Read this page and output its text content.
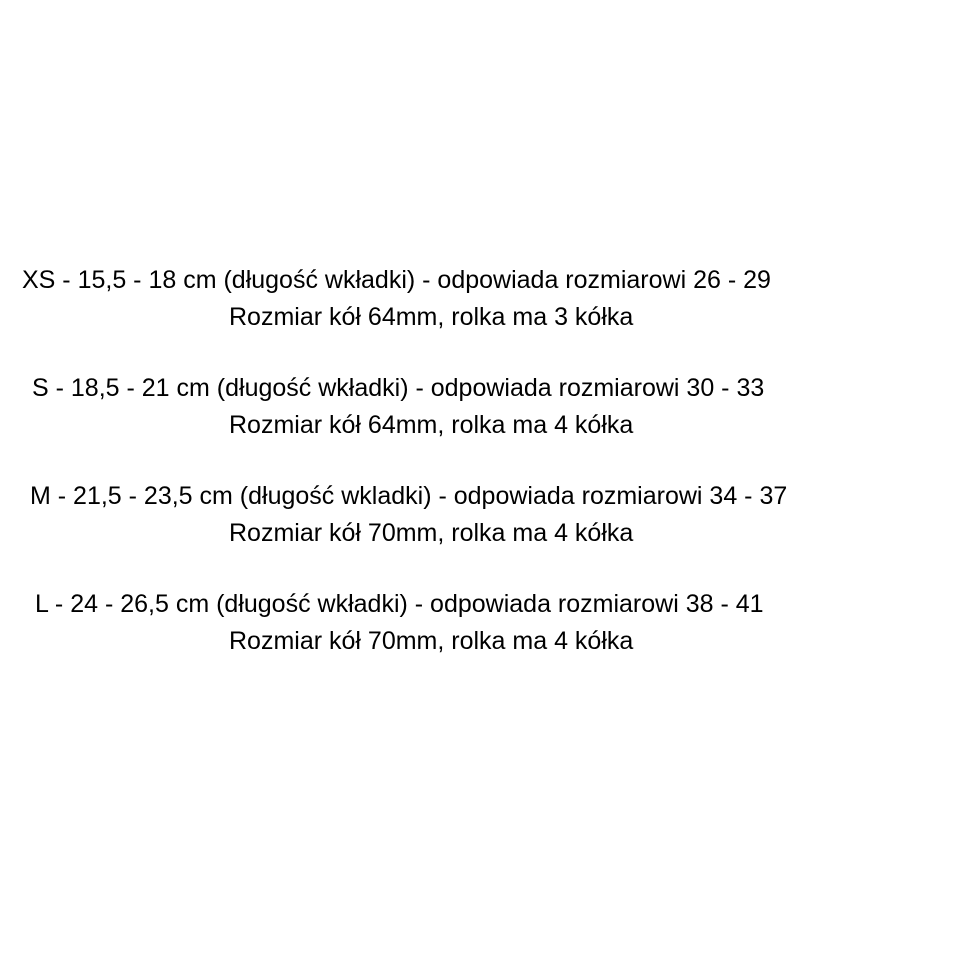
XS - 15,5 - 18 cm (długość wkładki) - odpowiada rozmiarowi 26 - 29
Rozmiar kół 64mm, rolka ma 3 kółka
S - 18,5 - 21 cm (długość wkładki) - odpowiada rozmiarowi 30 - 33
Rozmiar kół 64mm, rolka ma 4 kółka
M - 21,5 - 23,5 cm (długość wkladki) - odpowiada rozmiarowi 34 - 37
Rozmiar kół 70mm, rolka ma 4 kółka
L - 24 - 26,5 cm (długość wkładki) - odpowiada rozmiarowi 38 - 41
Rozmiar kół 70mm, rolka ma 4 kółka
